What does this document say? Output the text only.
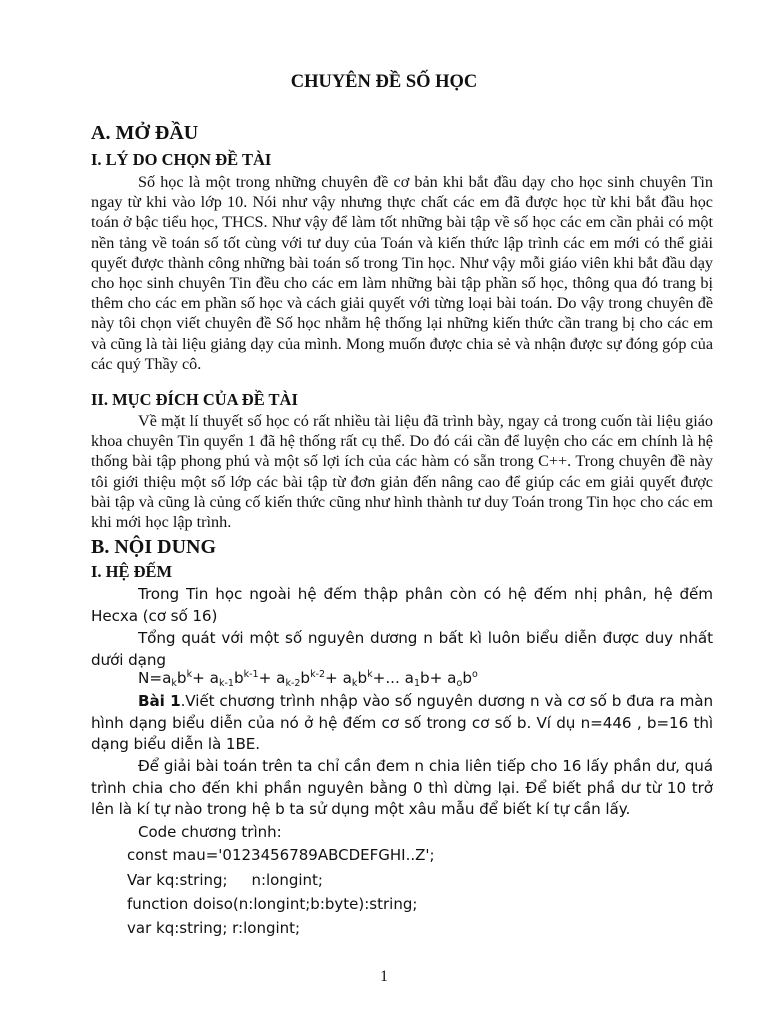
CHUYÊN ĐỀ SỐ HỌC
A. MỞ ĐẦU
I. LÝ DO CHỌN ĐỀ TÀI

Số học là một trong những chuyên đề cơ bản khi bắt đầu dạy cho học sinh chuyên Tin ngay từ khi vào lớp 10. Nói như vậy nhưng thực chất các em đã được học từ khi bắt đầu học toán ở bậc tiểu học, THCS. Như vậy để làm tốt những bài tập về số học các em cần phải có một nền tảng về toán số tốt cùng với tư duy của Toán và kiến thức lập trình các em mới có thể giải quyết được thành công những bài toán số trong Tin học. Như vậy mỗi giáo viên khi bắt đầu dạy cho học sinh chuyên Tin đều cho các em làm những bài tập phần số học, thông qua đó trang bị thêm cho các em phần số học và cách giải quyết với từng loại bài toán. Do vậy trong chuyên đề này tôi chọn viết chuyên đề Số học nhằm hệ thống lại những kiến thức cần trang bị cho các em và cũng là tài liệu giảng dạy của mình. Mong muốn được chia sẻ và nhận được sự đóng góp của các quý Thầy cô.

II. MỤC ĐÍCH CỦA ĐỀ TÀI

Về mặt lí thuyết số học có rất nhiều tài liệu đã trình bày, ngay cả trong cuốn tài liệu giáo khoa chuyên Tin quyển 1 đã hệ thống rất cụ thể. Do đó cái cần để luyện cho các em chính là hệ thống bài tập phong phú và một số lợi ích của các hàm có sẵn trong C++. Trong chuyên đề này tôi giới thiệu một số lớp các bài tập từ đơn giản đến nâng cao để giúp các em giải quyết được bài tập và cũng là củng cố kiến thức cũng như hình thành tư duy Toán trong Tin học cho các em khi mới học lập trình.

B. NỘI DUNG
I. HỆ ĐẾM

Trong Tin học ngoài hệ đếm thập phân còn có hệ đếm nhị phân, hệ đếm Hecxa (cơ số 16)

Tổng quát với một số nguyên dương n bất kì luôn biểu diễn được duy nhất dưới dạng

$N=a_kb^k+ a_{k-1}b^{k-1}+ a_{k-2}b^{k-2}+ a_kb^k+$... $a_1b+ a_ob^o$

Bài 1.Viết chương trình nhập vào số nguyên dương n và cơ số b đưa ra màn hình dạng biểu diễn của nó ở hệ đếm cơ số trong cơ số b. Ví dụ n=446 , b=16 thì dạng biểu diễn là 1BE.

Để giải bài toán trên ta chỉ cần đem n chia liên tiếp cho 16 lấy phần dư, quá trình chia cho đến khi phần nguyên bằng 0 thì dừng lại. Để biết phầ dư từ 10 trở lên là kí tự nào trong hệ b ta sử dụng một xâu mẫu để biết kí tự cần lấy.

Code chương trình:

const mau='0123456789ABCDEFGHI..Z';

Var kq:string;     n:longint;

function doiso(n:longint;b:byte):string;

var kq:string; r:longint;

1
